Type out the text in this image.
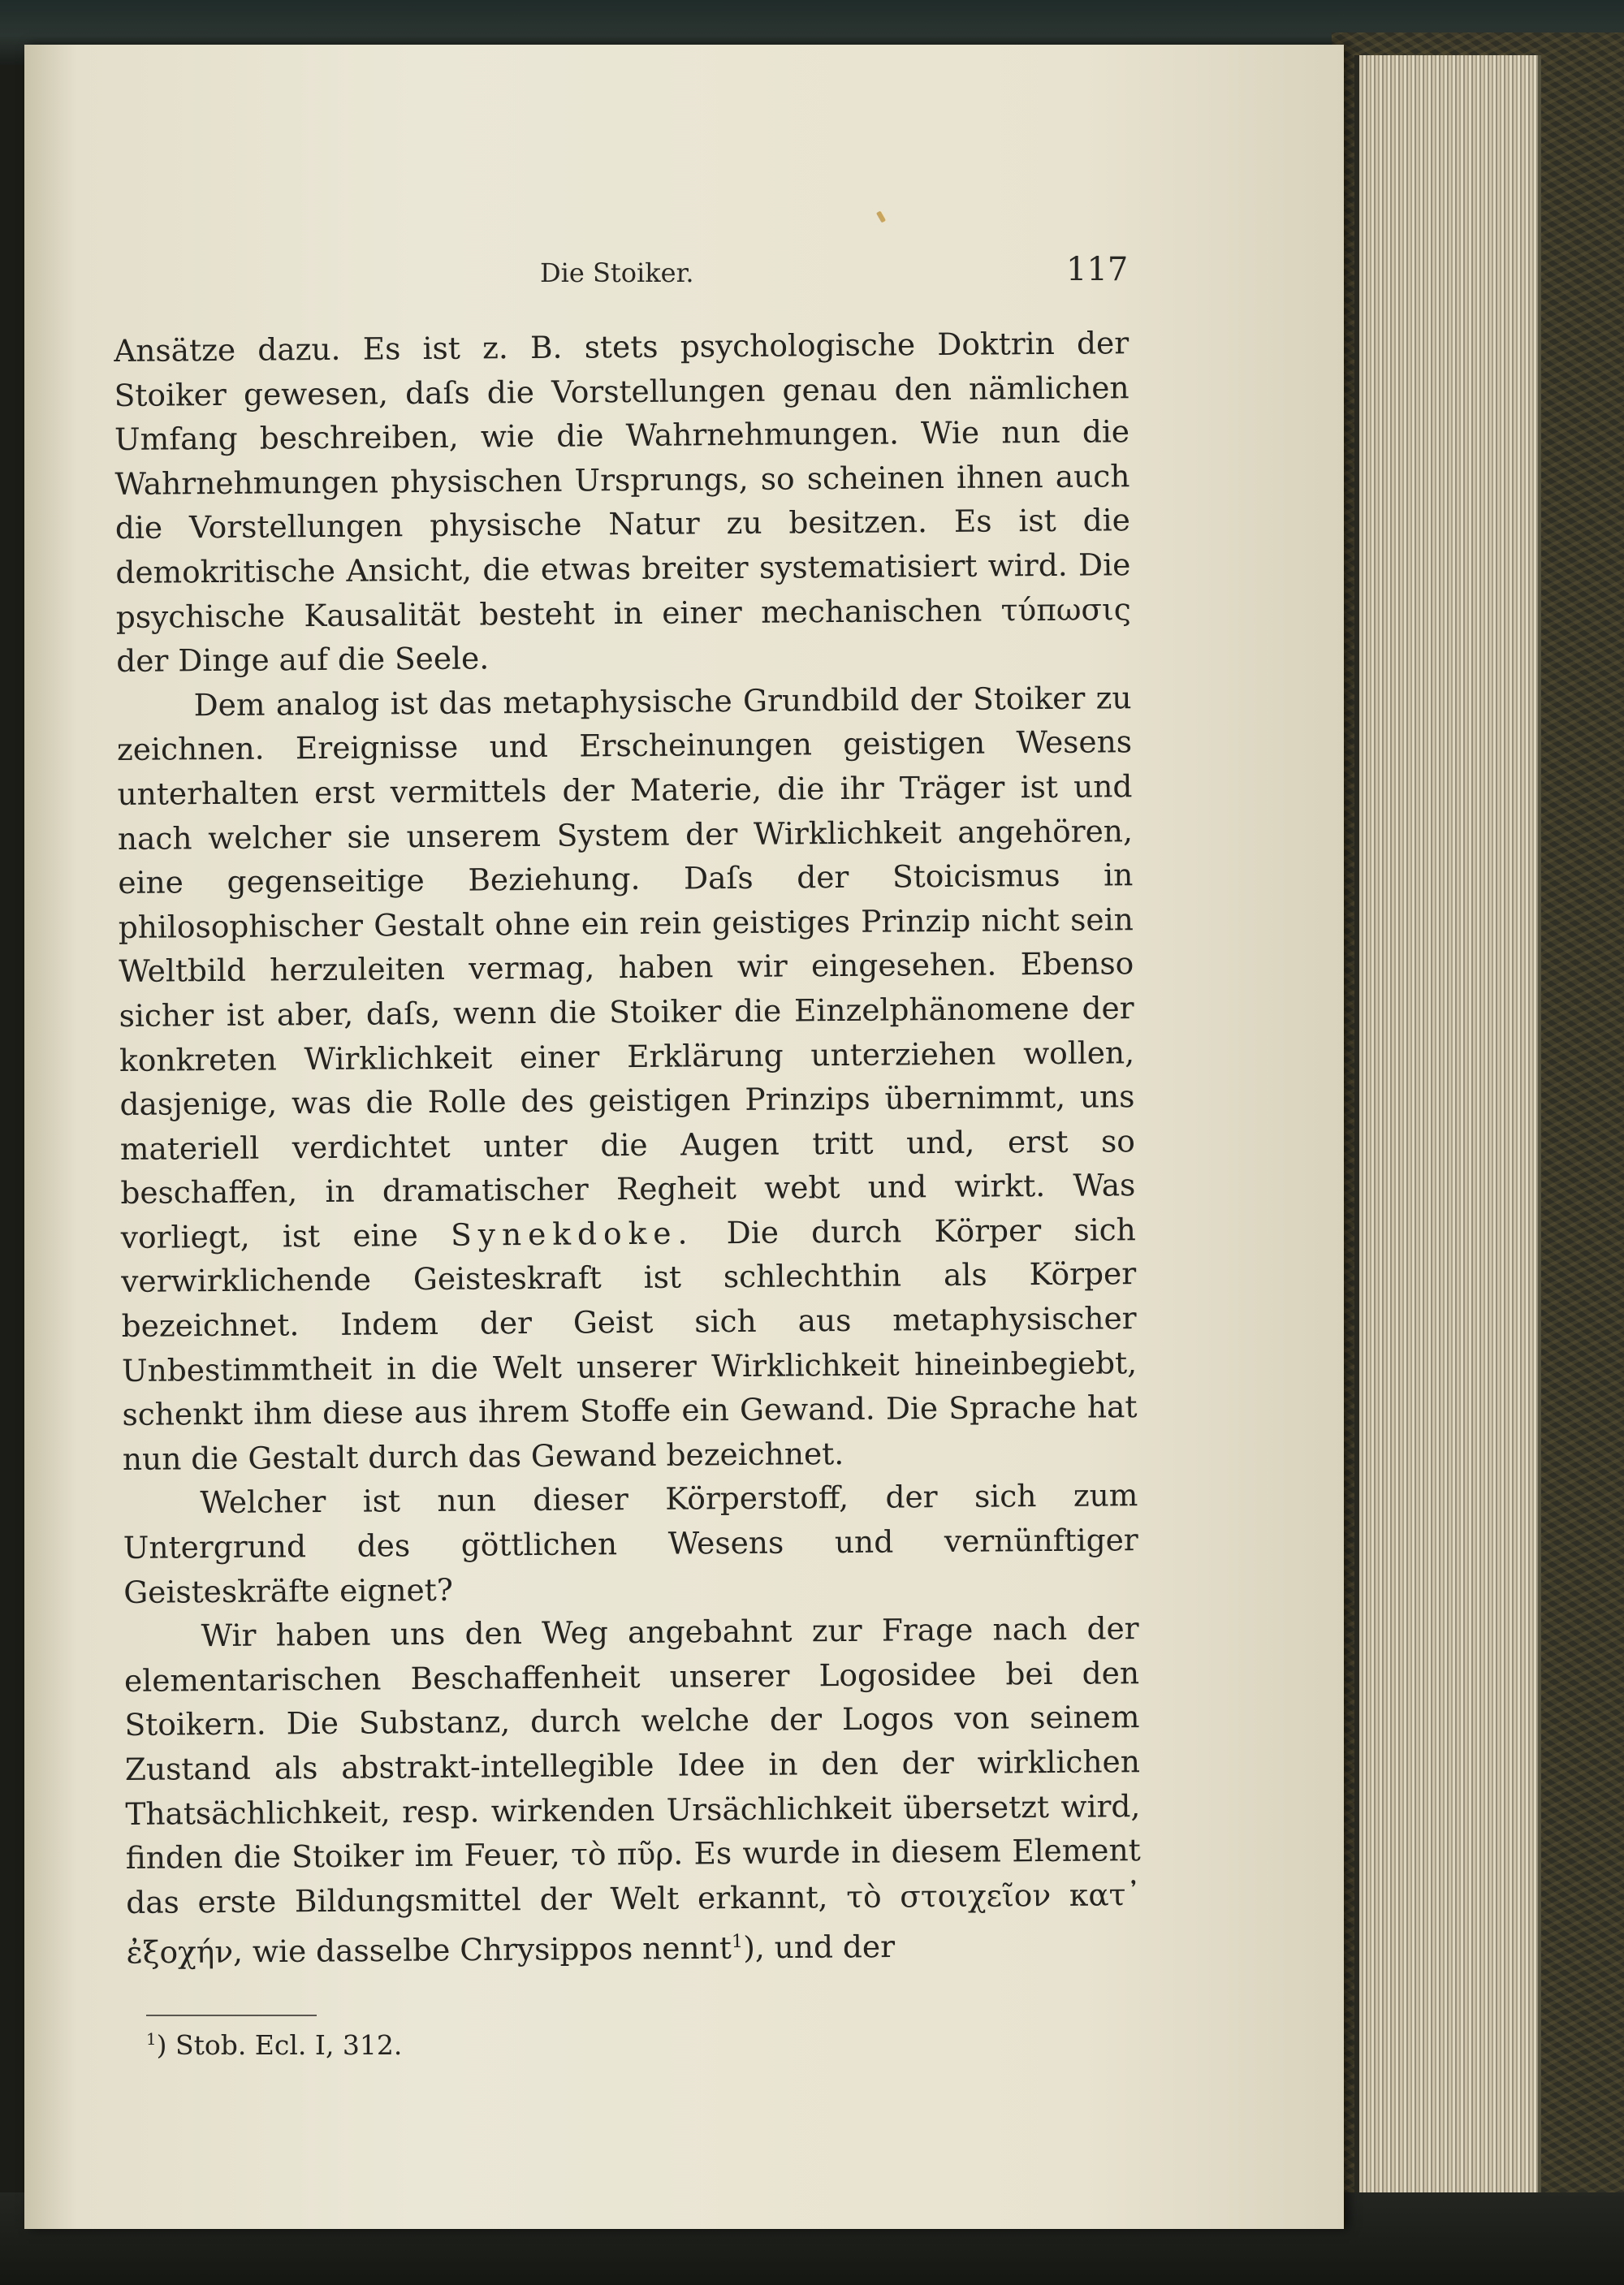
Die Stoiker.	117

Ansätze dazu. Es ist z. B. stets psychologische Doktrin der Stoiker gewesen, daſs die Vorstellungen genau den nämlichen Umfang beschreiben, wie die Wahrnehmungen. Wie nun die Wahrnehmungen physischen Ursprungs, so scheinen ihnen auch die Vorstellungen physische Natur zu besitzen. Es ist die demokritische Ansicht, die etwas breiter systematisiert wird. Die psychische Kausalität besteht in einer mechanischen τύπωσις der Dinge auf die Seele.

Dem analog ist das metaphysische Grundbild der Stoiker zu zeichnen. Ereignisse und Erscheinungen geistigen Wesens unterhalten erst vermittels der Materie, die ihr Träger ist und nach welcher sie unserem System der Wirklichkeit angehören, eine gegenseitige Beziehung. Daſs der Stoicismus in philosophischer Gestalt ohne ein rein geistiges Prinzip nicht sein Weltbild herzuleiten vermag, haben wir eingesehen. Ebenso sicher ist aber, daſs, wenn die Stoiker die Einzelphänomene der konkreten Wirklichkeit einer Erklärung unterziehen wollen, dasjenige, was die Rolle des geistigen Prinzips übernimmt, uns materiell verdichtet unter die Augen tritt und, erst so beschaffen, in dramatischer Regheit webt und wirkt. Was vorliegt, ist eine Synekdoke. Die durch Körper sich verwirklichende Geisteskraft ist schlechthin als Körper bezeichnet. Indem der Geist sich aus metaphysischer Unbestimmtheit in die Welt unserer Wirklichkeit hineinbegiebt, schenkt ihm diese aus ihrem Stoffe ein Gewand. Die Sprache hat nun die Gestalt durch das Gewand bezeichnet.

Welcher ist nun dieser Körperstoff, der sich zum Untergrund des göttlichen Wesens und vernünftiger Geisteskräfte eignet?

Wir haben uns den Weg angebahnt zur Frage nach der elementarischen Beschaffenheit unserer Logosidee bei den Stoikern. Die Substanz, durch welche der Logos von seinem Zustand als abstrakt-intellegible Idee in den der wirklichen Thatsächlichkeit, resp. wirkenden Ursächlichkeit übersetzt wird, finden die Stoiker im Feuer, τὸ πῦρ. Es wurde in diesem Element das erste Bildungsmittel der Welt erkannt, τὸ στοιχεῖον κατ᾽ ἐξοχήν, wie dasselbe Chrysippos nennt$^1$), und der

$^1$) Stob. Ecl. I, 312.
